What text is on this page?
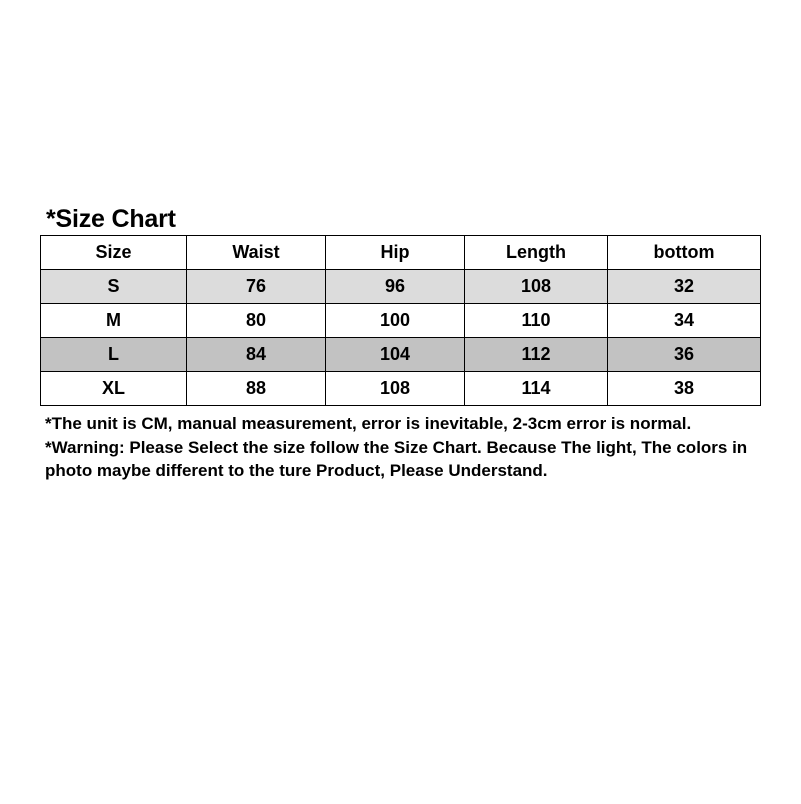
*Size Chart
Size	Waist	Hip	Length	bottom
S	76	96	108	32
M	80	100	110	34
L	84	104	112	36
XL	88	108	114	38
*The unit is CM, manual measurement, error is inevitable, 2-3cm error is normal. *Warning: Please Select the size follow the Size Chart. Because The light, The colors in photo maybe different to the ture Product, Please Understand.
